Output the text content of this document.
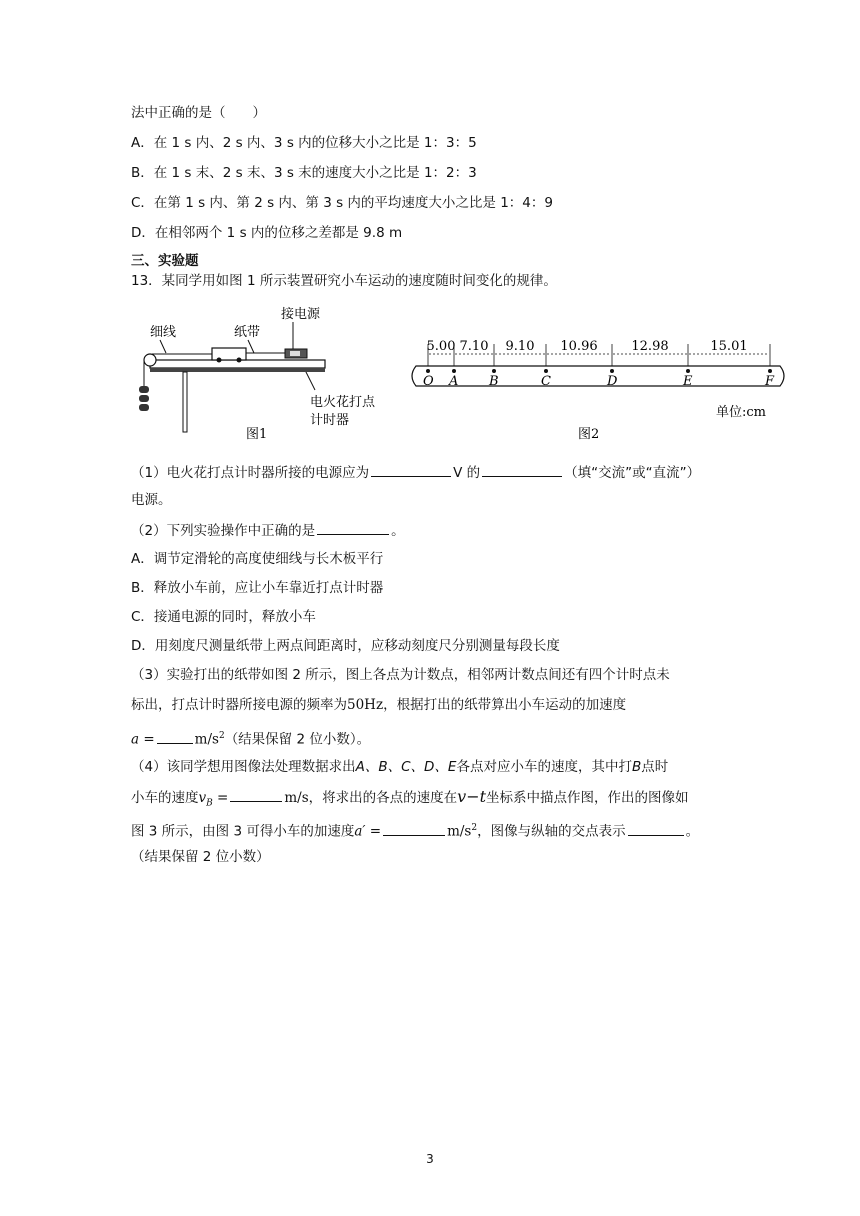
法中正确的是（　　）
A．在 1 s 内、2 s 内、3 s 内的位移大小之比是 1：3：5
B．在 1 s 末、2 s 末、3 s 末的速度大小之比是 1：2：3
C．在第 1 s 内、第 2 s 内、第 3 s 内的平均速度大小之比是 1：4：9
D．在相邻两个 1 s 内的位移之差都是 9.8 m
三、实验题
13．某同学用如图 1 所示装置研究小车运动的速度随时间变化的规律。
细线	纸带
接电源
电火花打点
计时器
图1
5.00 7.10 9.10 10.96	12.98	15.01
O A B	C	D	E	F
单位:cm
图2
（1）电火花打点计时器所接的电源应为	V 的	（填“交流”或“直流”）
电源。
（2）下列实验操作中正确的是	。
A．调节定滑轮的高度使细线与长木板平行
B．释放小车前，应让小车靠近打点计时器
C．接通电源的同时，释放小车
D．用刻度尺测量纸带上两点间距离时，应移动刻度尺分别测量每段长度
（3）实验打出的纸带如图 2 所示，图上各点为计数点，相邻两计数点间还有四个计时点未
标出，打点计时器所接电源的频率为50Hz，根据打出的纸带算出小车运动的加速度
a =	$m/s^2$（结果保留 2 位小数）。
（4）该同学想用图像法处理数据求出A、B、C、D、E各点对应小车的速度，其中打B点时
小车的速度$v_B$ =	m/s，将求出的各点的速度在v−t坐标系中描点作图，作出的图像如
图 3 所示，由图 3 可得小车的加速度a′ =	$m/s^2$，图像与纵轴的交点表示	。
（结果保留 2 位小数）
3
